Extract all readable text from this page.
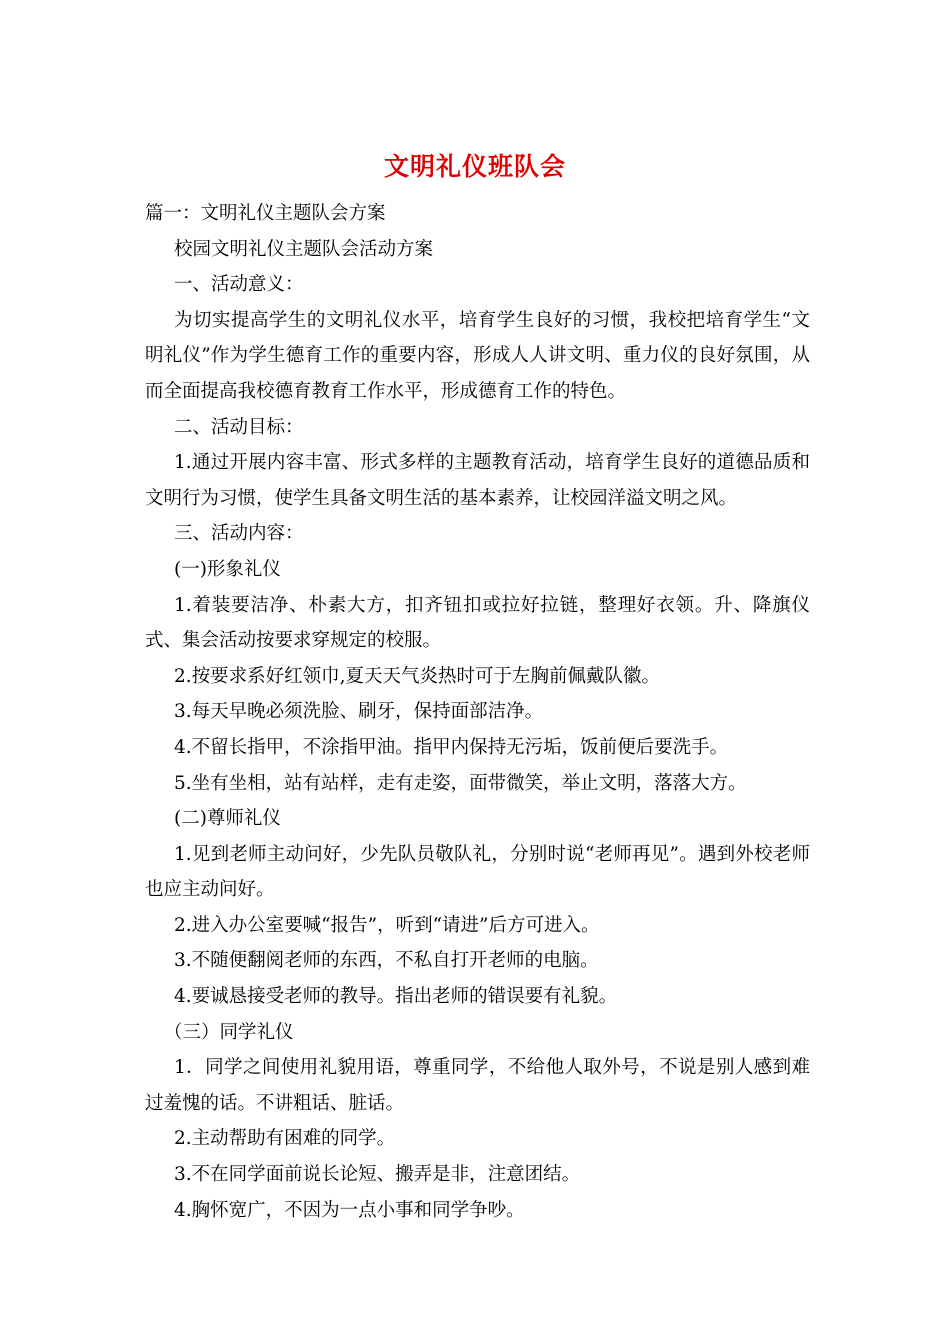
文明礼仪班队会

篇一：文明礼仪主题队会方案

校园文明礼仪主题队会活动方案

一、活动意义：

为切实提高学生的文明礼仪水平，培育学生良好的习惯，我校把培育学生“文明礼仪”作为学生德育工作的重要内容，形成人人讲文明、重力仪的良好氛围，从而全面提高我校德育教育工作水平，形成德育工作的特色。

二、活动目标：

1.通过开展内容丰富、形式多样的主题教育活动，培育学生良好的道德品质和文明行为习惯，使学生具备文明生活的基本素养，让校园洋溢文明之风。

三、活动内容：

(一)形象礼仪

1.着装要洁净、朴素大方，扣齐钮扣或拉好拉链，整理好衣领。升、降旗仪式、集会活动按要求穿规定的校服。

2.按要求系好红领巾,夏天天气炎热时可于左胸前佩戴队徽。

3.每天早晚必须洗脸、刷牙，保持面部洁净。

4.不留长指甲，不涂指甲油。指甲内保持无污垢，饭前便后要洗手。

5.坐有坐相，站有站样，走有走姿，面带微笑，举止文明，落落大方。

(二)尊师礼仪

1.见到老师主动问好，少先队员敬队礼，分别时说“老师再见”。遇到外校老师也应主动问好。

2.进入办公室要喊“报告”，听到“请进”后方可进入。

3.不随便翻阅老师的东西，不私自打开老师的电脑。

4.要诚恳接受老师的教导。指出老师的错误要有礼貌。

（三）同学礼仪

1．同学之间使用礼貌用语，尊重同学，不给他人取外号，不说是别人感到难过羞愧的话。不讲粗话、脏话。

2.主动帮助有困难的同学。

3.不在同学面前说长论短、搬弄是非，注意团结。

4.胸怀宽广，不因为一点小事和同学争吵。
